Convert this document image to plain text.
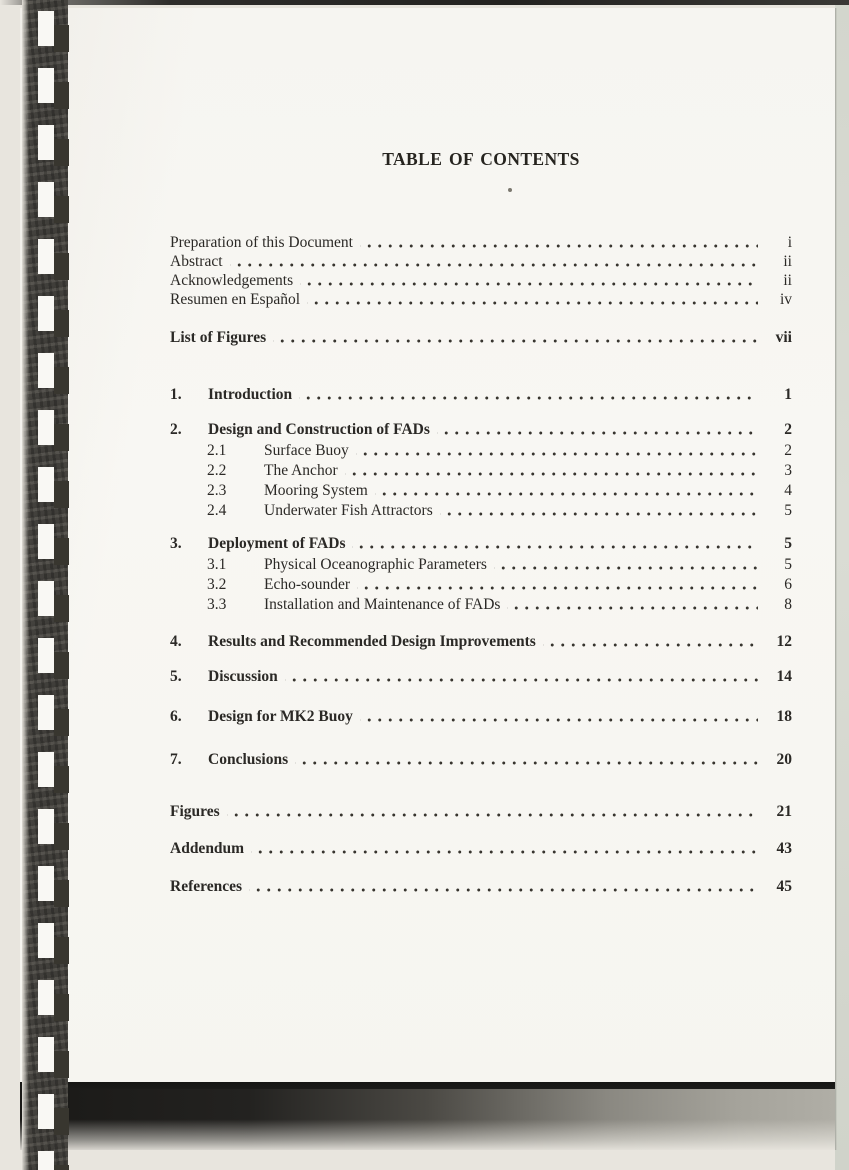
TABLE OF CONTENTS
Preparation of this Document	i
Abstract	ii
Acknowledgements	ii
Resumen en Español	iv
List of Figures	vii
1.	Introduction	1
2.	Design and Construction of FADs	2
2.1	Surface Buoy	2
2.2	The Anchor	3
2.3	Mooring System	4
2.4	Underwater Fish Attractors	5
3.	Deployment of FADs	5
3.1	Physical Oceanographic Parameters	5
3.2	Echo-sounder	6
3.3	Installation and Maintenance of FADs	8
4.	Results and Recommended Design Improvements	12
5.	Discussion	14
6.	Design for MK2 Buoy	18
7.	Conclusions	20
Figures	21
Addendum	43
References	45
